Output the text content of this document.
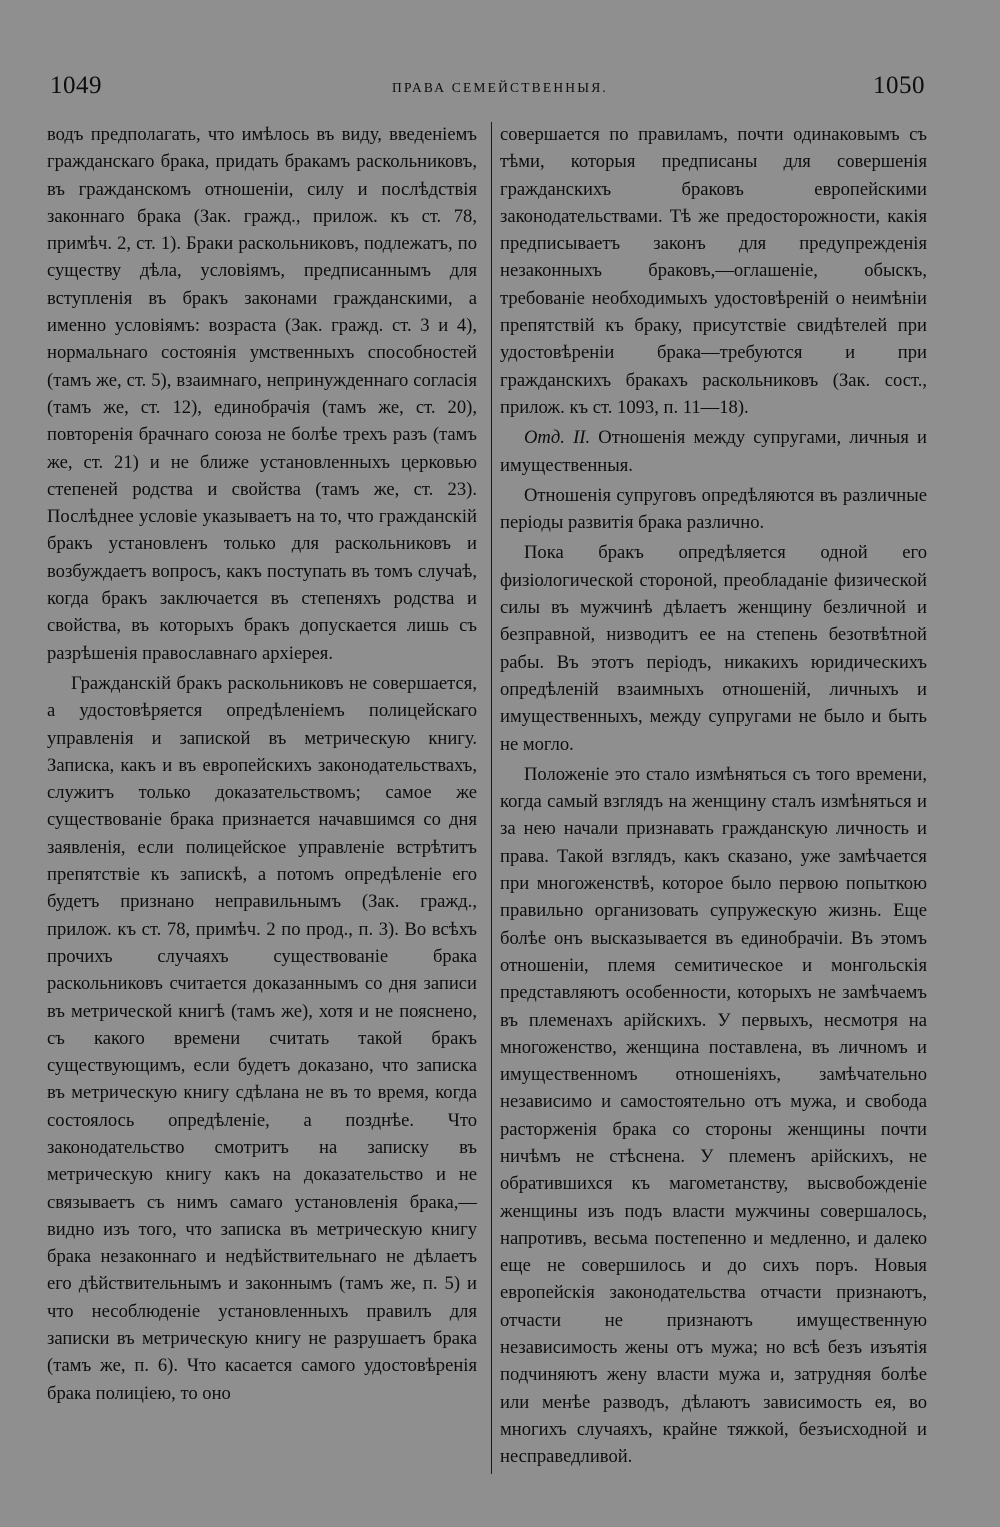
1049	ПРАВА СЕМЕЙСТВЕННЫЯ.	1050

водъ предполагать, что имѣлось въ виду, введеніемъ гражданскаго брака, придать бракамъ раскольниковъ, въ гражданскомъ отношеніи, силу и послѣдствія законнаго брака (Зак. гражд., прилож. къ ст. 78, примѣч. 2, ст. 1). Браки раскольниковъ, подлежатъ, по существу дѣла, условіямъ, предписаннымъ для вступленія въ бракъ законами гражданскими, а именно условіямъ: возраста (Зак. гражд. ст. 3 и 4), нормальнаго состоянія умственныхъ способностей (тамъ же, ст. 5), взаимнаго, непринужденнаго согласія (тамъ же, ст. 12), единобрачія (тамъ же, ст. 20), повторенія брачнаго союза не болѣе трехъ разъ (тамъ же, ст. 21) и не ближе установленныхъ церковью степеней родства и свойства (тамъ же, ст. 23). Послѣднее условіе указываетъ на то, что гражданскій бракъ установленъ только для раскольниковъ и возбуждаетъ вопросъ, какъ поступать въ томъ случаѣ, когда бракъ заключается въ степеняхъ родства и свойства, въ которыхъ бракъ допускается лишь съ разрѣшенія православнаго архіерея.

Гражданскій бракъ раскольниковъ не совершается, а удостовѣряется опредѣленіемъ полицейскаго управленія и запиской въ метрическую книгу. Записка, какъ и въ европейскихъ законодательствахъ, служитъ только доказательствомъ; самое же существованіе брака признается начавшимся со дня заявленія, если полицейское управленіе встрѣтитъ препятствіе къ запискѣ, а потомъ опредѣленіе его будетъ признано неправильнымъ (Зак. гражд., прилож. къ ст. 78, примѣч. 2 по прод., п. 3). Во всѣхъ прочихъ случаяхъ существованіе брака раскольниковъ считается доказаннымъ со дня записи въ метрической книгѣ (тамъ же), хотя и не пояснено, съ какого времени считать такой бракъ существующимъ, если будетъ доказано, что записка въ метрическую книгу сдѣлана не въ то время, когда состоялось опредѣленіе, а позднѣе. Что законодательство смотритъ на записку въ метрическую книгу какъ на доказательство и не связываетъ съ нимъ самаго установленія брака,—видно изъ того, что записка въ метрическую книгу брака незаконнаго и недѣйствительнаго не дѣлаетъ его дѣйствительнымъ и законнымъ (тамъ же, п. 5) и что несоблюденіе установленныхъ правилъ для записки въ метрическую книгу не разрушаетъ брака (тамъ же, п. 6). Что касается самого удостовѣренія брака полиціею, то оно

совершается по правиламъ, почти одинаковымъ съ тѣми, которыя предписаны для совершенія гражданскихъ браковъ европейскими законодательствами. Тѣ же предосторожности, какія предписываетъ законъ для предупрежденія незаконныхъ браковъ,—оглашеніе, обыскъ, требованіе необходимыхъ удостовѣреній о неимѣніи препятствій къ браку, присутствіе свидѣтелей при удостовѣреніи брака—требуются и при гражданскихъ бракахъ раскольниковъ (Зак. сост., прилож. къ ст. 1093, п. 11—18).

Отд. II. Отношенія между супругами, личныя и имущественныя.

Отношенія супруговъ опредѣляются въ различные періоды развитія брака различно.

Пока бракъ опредѣляется одной его физіологической стороной, преобладаніе физической силы въ мужчинѣ дѣлаетъ женщину безличной и безправной, низводитъ ее на степень безотвѣтной рабы. Въ этотъ періодъ, никакихъ юридическихъ опредѣленій взаимныхъ отношеній, личныхъ и имущественныхъ, между супругами не было и быть не могло.

Положеніе это стало измѣняться съ того времени, когда самый взглядъ на женщину сталъ измѣняться и за нею начали признавать гражданскую личность и права. Такой взглядъ, какъ сказано, уже замѣчается при многоженствѣ, которое было первою попыткою правильно организовать супружескую жизнь. Еще болѣе онъ высказывается въ единобрачіи. Въ этомъ отношеніи, племя семитическое и монгольскія представляютъ особенности, которыхъ не замѣчаемъ въ племенахъ арійскихъ. У первыхъ, несмотря на многоженство, женщина поставлена, въ личномъ и имущественномъ отношеніяхъ, замѣчательно независимо и самостоятельно отъ мужа, и свобода расторженія брака со стороны женщины почти ничѣмъ не стѣснена. У племенъ арійскихъ, не обратившихся къ магометанству, высвобожденіе женщины изъ подъ власти мужчины совершалось, напротивъ, весьма постепенно и медленно, и далеко еще не совершилось и до сихъ поръ. Новыя европейскія законодательства отчасти признаютъ, отчасти не признаютъ имущественную независимость жены отъ мужа; но всѣ безъ изъятія подчиняютъ жену власти мужа и, затрудняя болѣе или менѣе разводъ, дѣлаютъ зависимость ея, во многихъ случаяхъ, крайне тяжкой, безъисходной и несправедливой.
